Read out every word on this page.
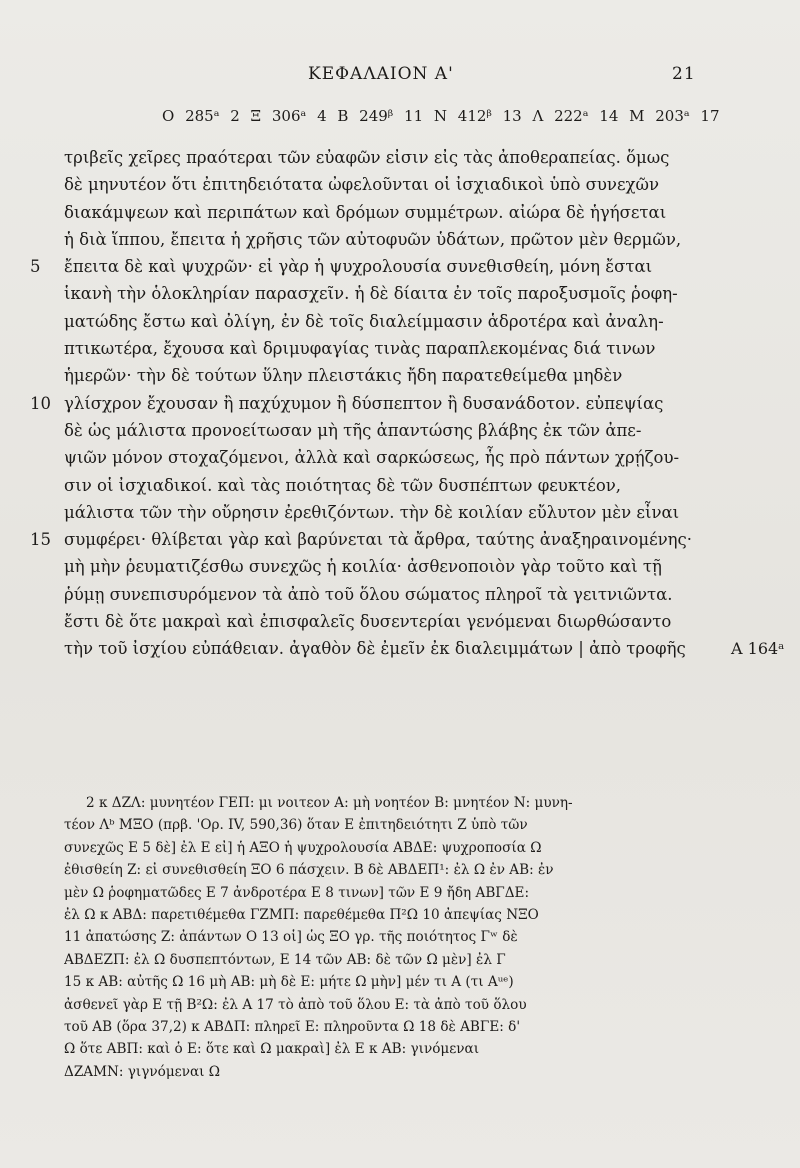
ΚΕΦΑΛΑΙΟΝ Α'	21
O 285ᵃ 2 Ξ 306ᵃ 4 B 249ᵝ 11 N 412ᵝ 13 Λ 222ᵃ 14 M 203ᵃ 17
τριβεῖς χεῖρες πραότεραι τῶν εὐαφῶν εἰσιν εἰς τὰς ἀποθεραπείας. ὅμως
δὲ μηνυτέον ὅτι ἐπιτηδειότατα ὠφελοῦνται οἱ ἰσχιαδικοὶ ὑπὸ συνεχῶν
διακάμψεων καὶ περιπάτων καὶ δρόμων συμμέτρων. αἰώρα δὲ ἡγήσεται
ἡ διὰ ἵππου, ἔπειτα ἡ χρῆσις τῶν αὐτοφυῶν ὑδάτων, πρῶτον μὲν θερμῶν,
5 ἔπειτα δὲ καὶ ψυχρῶν· εἰ γὰρ ἡ ψυχρολουσία συνεθισθείη, μόνη ἔσται
ἱκανὴ τὴν ὁλοκληρίαν παρασχεῖν. ἡ δὲ δίαιτα ἐν τοῖς παροξυσμοῖς ῥοφη-
ματώδης ἔστω καὶ ὀλίγη, ἐν δὲ τοῖς διαλείμμασιν ἁδροτέρα καὶ ἀναλη-
πτικωτέρα, ἔχουσα καὶ δριμυφαγίας τινὰς παραπλεκομένας διά τινων
ἡμερῶν· τὴν δὲ τούτων ὕλην πλειστάκις ἤδη παρατεθείμεθα μηδὲν
10 γλίσχρον ἔχουσαν ἢ παχύχυμον ἢ δύσπεπτον ἢ δυσανάδοτον. εὐπεψίας
δὲ ὡς μάλιστα προνοείτωσαν μὴ τῆς ἁπαντώσης βλάβης ἐκ τῶν ἀπε-
ψιῶν μόνον στοχαζόμενοι, ἀλλὰ καὶ σαρκώσεως, ἧς πρὸ πάντων χρῄζου-
σιν οἱ ἰσχιαδικοί. καὶ τὰς ποιότητας δὲ τῶν δυσπέπτων φευκτέον,
μάλιστα τῶν τὴν οὔρησιν ἐρεθιζόντων. τὴν δὲ κοιλίαν εὔλυτον μὲν εἶναι
15 συμφέρει· θλίβεται γὰρ καὶ βαρύνεται τὰ ἄρθρα, ταύτης ἀναξηραινομένης·
μὴ μὴν ῥευματιζέσθω συνεχῶς ἡ κοιλία· ἀσθενοποιὸν γὰρ τοῦτο καὶ τῇ
ῥύμῃ συνεπισυρόμενον τὰ ἀπὸ τοῦ ὅλου σώματος πληροῖ τὰ γειτνιῶντα.
ἔστι δὲ ὅτε μακραὶ καὶ ἐπισφαλεῖς δυσεντερίαι γενόμεναι διωρθώσαντο
τὴν τοῦ ἰσχίου εὐπάθειαν. ἀγαθὸν δὲ ἐμεῖν ἐκ διαλειμμάτων | ἀπὸ τροφῆς	A 164ᵃ
2 κ ΔΖΛ: μυνητέον ΓΕΠ: μι νοιτεον Α: μὴ νοητέον Β: μνητέον Ν: μυνη-
τέον Λᵇ ΜΞΟ (πρβ. 'Ορ. IV, 590,36) ὅταν Ε ἐπιτηδειότητι Ζ ὑπὸ τῶν
συνεχῶς Ε 5 δὲ] ἐλ Ε εἰ] ἡ ΑΞΟ ἡ ψυχρολουσία ΑΒΔΕ: ψυχροποσία Ω
ἐθισθείη Ζ: εἰ συνεθισθείη ΞΟ 6 πάσχειν. Β δὲ ΑΒΔΕΠ¹: ἐλ Ω ἐν ΑΒ: ἐν
μὲν Ω ῥοφηματῶδες Ε 7 ἀνδροτέρα Ε 8 τινων] τῶν Ε 9 ἤδη ΑΒΓΔΕ:
ἐλ Ω κ ΑΒΔ: παρετιθέμεθα ΓΖΜΠ: παρεθέμεθα Π²Ω 10 ἀπεψίας ΝΞΟ
11 ἀπατώσης Ζ: ἀπάντων Ο 13 οἱ] ὡς ΞΟ γρ. τῆς ποιότητος Γʷ δὲ
ΑΒΔΕΖΠ: ἐλ Ω δυσπεπτόντων, Ε 14 τῶν ΑΒ: δὲ τῶν Ω μὲν] ἐλ Γ
15 κ ΑΒ: αὐτῆς Ω 16 μὴ ΑΒ: μὴ δὲ Ε: μήτε Ω μὴν] μέν τι Α (τι Αᵘᵉ)
ἀσθενεῖ γὰρ Ε τῇ Β²Ω: ἐλ Α 17 τὸ ἀπὸ τοῦ ὅλου Ε: τὰ ἀπὸ τοῦ ὅλου
τοῦ ΑΒ (ὅρα 37,2) κ ΑΒΔΠ: πληρεῖ Ε: πληροῦντα Ω 18 δὲ ΑΒΓΕ: δ'
Ω ὅτε ΑΒΠ: καὶ ὁ Ε: ὅτε καὶ Ω μακραὶ] ἐλ Ε κ ΑΒ: γινόμεναι
ΔΖΑΜΝ: γιγνόμεναι Ω
